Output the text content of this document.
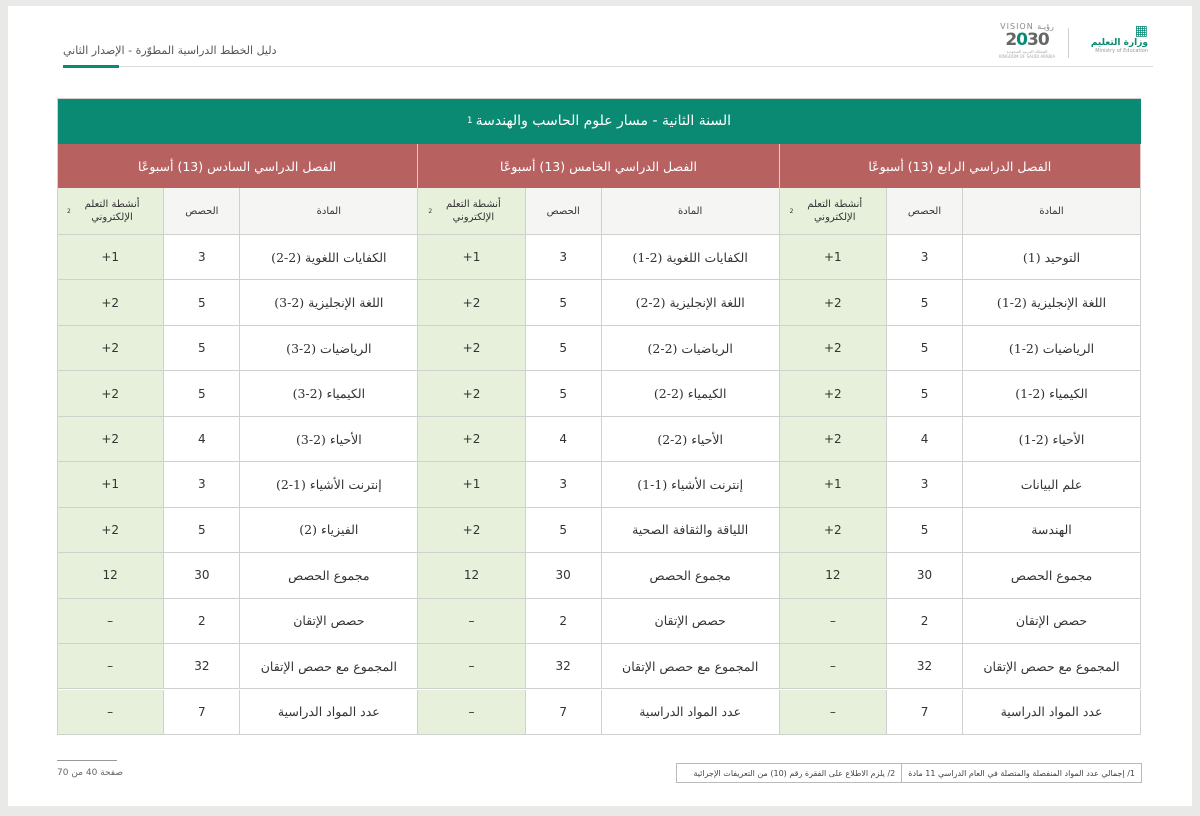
دليل الخطط الدراسية المطوّرة - الإصدار الثاني
VISION رؤيـة
2030
المملكة العربية السعودية KINGDOM OF SAUDI ARABIA
▦
وزارة التعليم
Ministry of Education
السنة الثانية - مسار علوم الحاسب والهندسة
1
الفصل الدراسي الرابع (13) أسبوعًا
الفصل الدراسي الخامس (13) أسبوعًا
الفصل الدراسي السادس (13) أسبوعًا
المادة
الحصص
أنشطة التعلم الإلكتروني
2
المادة
الحصص
أنشطة التعلم الإلكتروني
2
المادة
الحصص
أنشطة التعلم الإلكتروني
2
التوحيد (1)
3
1+
الكفايات اللغوية (2-1)
3
1+
الكفايات اللغوية (2-2)
3
1+
اللغة الإنجليزية (2-1)
5
2+
اللغة الإنجليزية (2-2)
5
2+
اللغة الإنجليزية (2-3)
5
2+
الرياضيات (2-1)
5
2+
الرياضيات (2-2)
5
2+
الرياضيات (2-3)
5
2+
الكيمياء (2-1)
5
2+
الكيمياء (2-2)
5
2+
الكيمياء (2-3)
5
2+
الأحياء (2-1)
4
2+
الأحياء (2-2)
4
2+
الأحياء (2-3)
4
2+
علم البيانات
3
1+
إنترنت الأشياء (1-1)
3
1+
إنترنت الأشياء (1-2)
3
1+
الهندسة
5
2+
اللياقة والثقافة الصحية
5
2+
الفيزياء (2)
5
2+
مجموع الحصص
30
12
مجموع الحصص
30
12
مجموع الحصص
30
12
حصص الإتقان
2
–
حصص الإتقان
2
–
حصص الإتقان
2
–
المجموع مع حصص الإتقان
32
–
المجموع مع حصص الإتقان
32
–
المجموع مع حصص الإتقان
32
–
عدد المواد الدراسية
7
–
عدد المواد الدراسية
7
–
عدد المواد الدراسية
7
–
صفحة 40 من 70	1/ إجمالي عدد المواد المنفصلة والمتصلة في العام الدراسي 11 مادة
2/ يلزم الاطلاع على الفقرة رقم (10) من التعريفات الإجرائية
